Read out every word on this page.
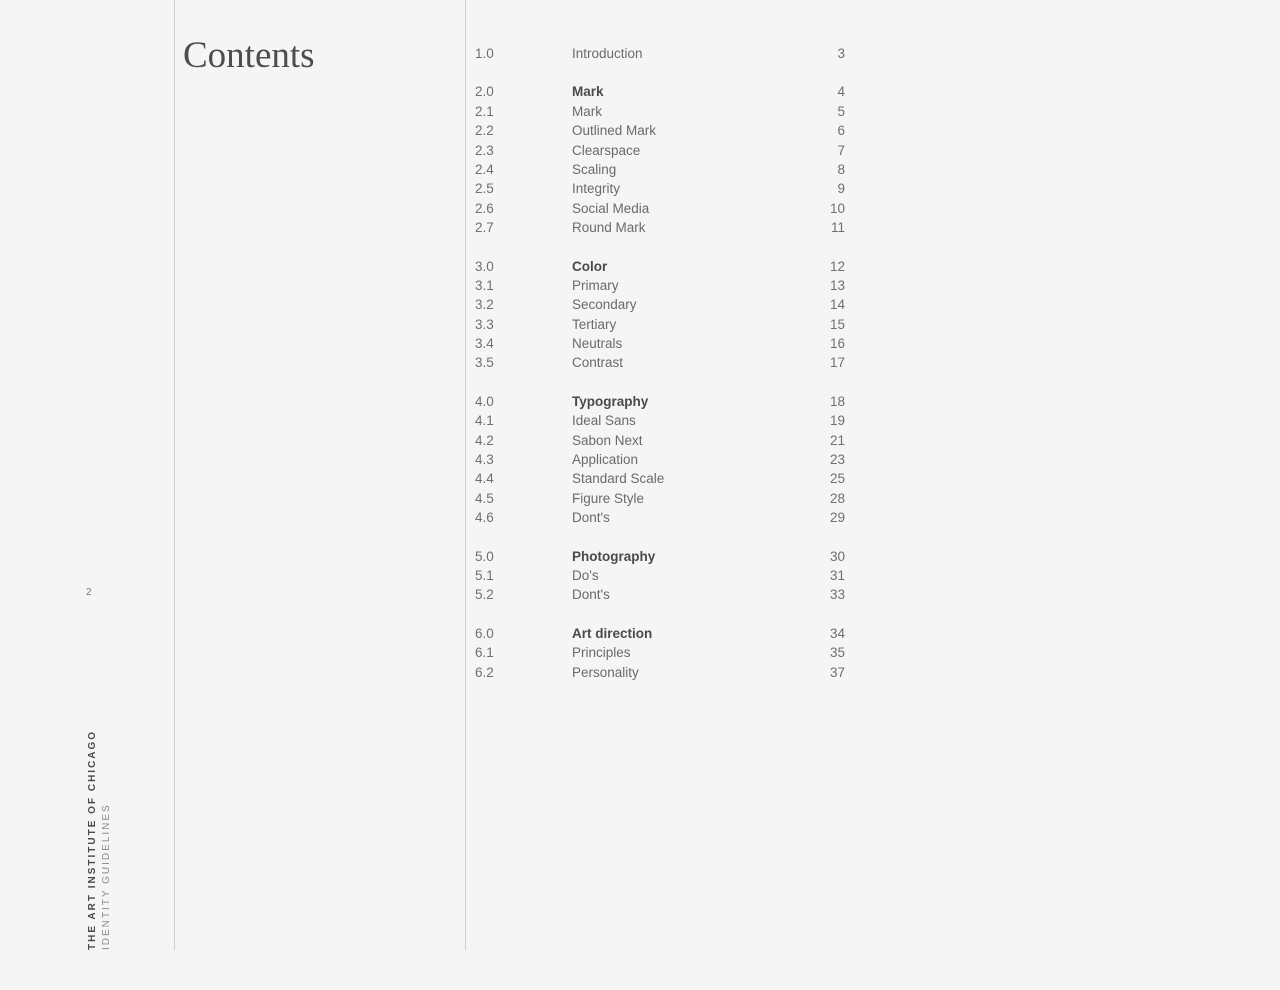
2
THE ART INSTITUTE OF CHICAGO IDENTITY GUIDELINES
Contents	1.0	Introduction	3
2.0	Mark	4
2.1	Mark	5
2.2	Outlined Mark	6
2.3	Clearspace	7
2.4	Scaling	8
2.5	Integrity	9
2.6	Social Media	10
2.7	Round Mark	11
3.0	Color	12
3.1	Primary	13
3.2	Secondary	14
3.3	Tertiary	15
3.4	Neutrals	16
3.5	Contrast	17
4.0	Typography	18
4.1	Ideal Sans	19
4.2	Sabon Next	21
4.3	Application	23
4.4	Standard Scale	25
4.5	Figure Style	28
4.6	Dont's	29
5.0	Photography	30
5.1	Do's	31
5.2	Dont's	33
6.0	Art direction	34
6.1	Principles	35
6.2	Personality	37
